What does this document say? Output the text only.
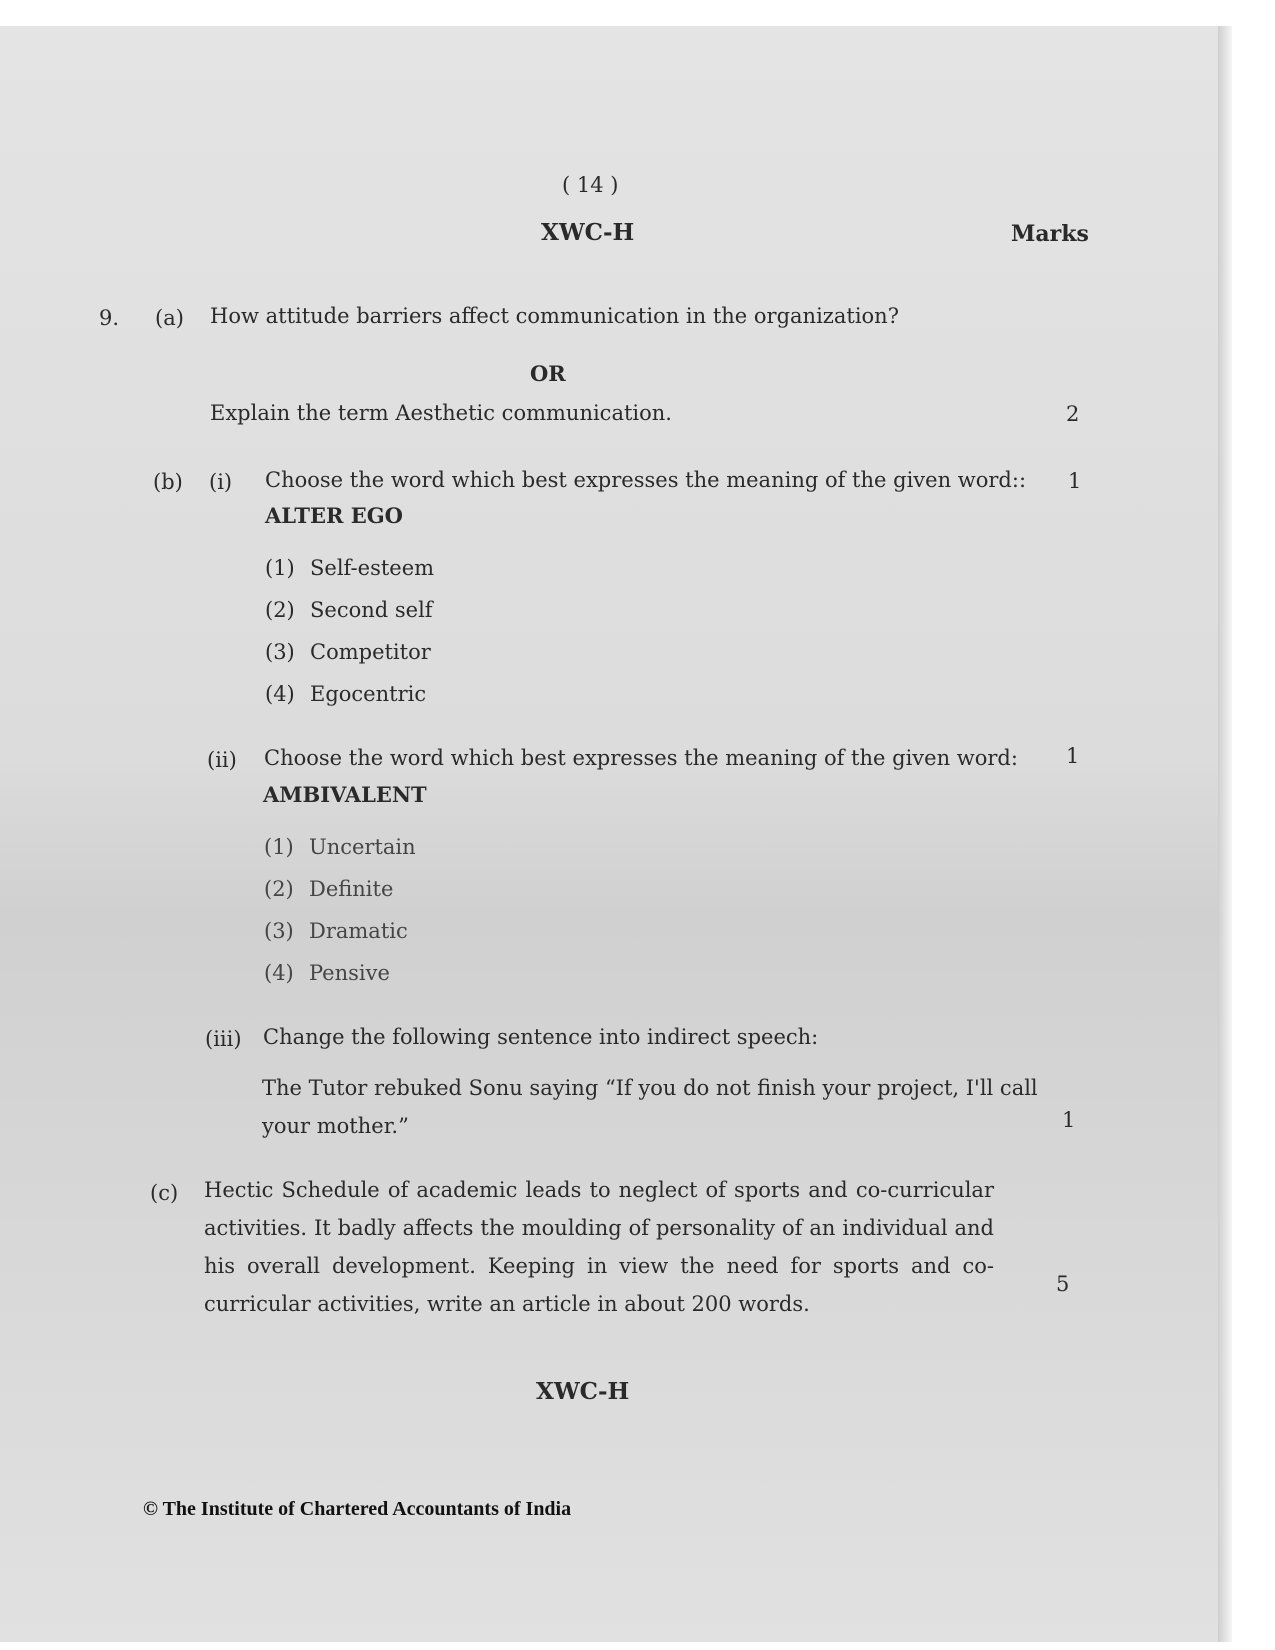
( 14 )
XWC-H	Marks
9. (a) How attitude barriers affect communication in the organization?
OR
Explain the term Aesthetic communication.	2
(b) (i) Choose the word which best expresses the meaning of the given word:: 1
ALTER EGO
(1) Self-esteem
(2) Second self
(3) Competitor
(4) Egocentric
(ii) Choose the word which best expresses the meaning of the given word: 1
AMBIVALENT
(1) Uncertain
(2) Definite
(3) Dramatic
(4) Pensive
(iii) Change the following sentence into indirect speech:
The Tutor rebuked Sonu saying “If you do not finish your project, I'll call
your mother.”	1
(c) Hectic Schedule of academic leads to neglect of sports and co-curricular activities. It badly affects the moulding of personality of an individual and his overall development. Keeping in view the need for sports and co-curricular activities, write an article in about 200 words.
5
XWC-H
© The Institute of Chartered Accountants of India
